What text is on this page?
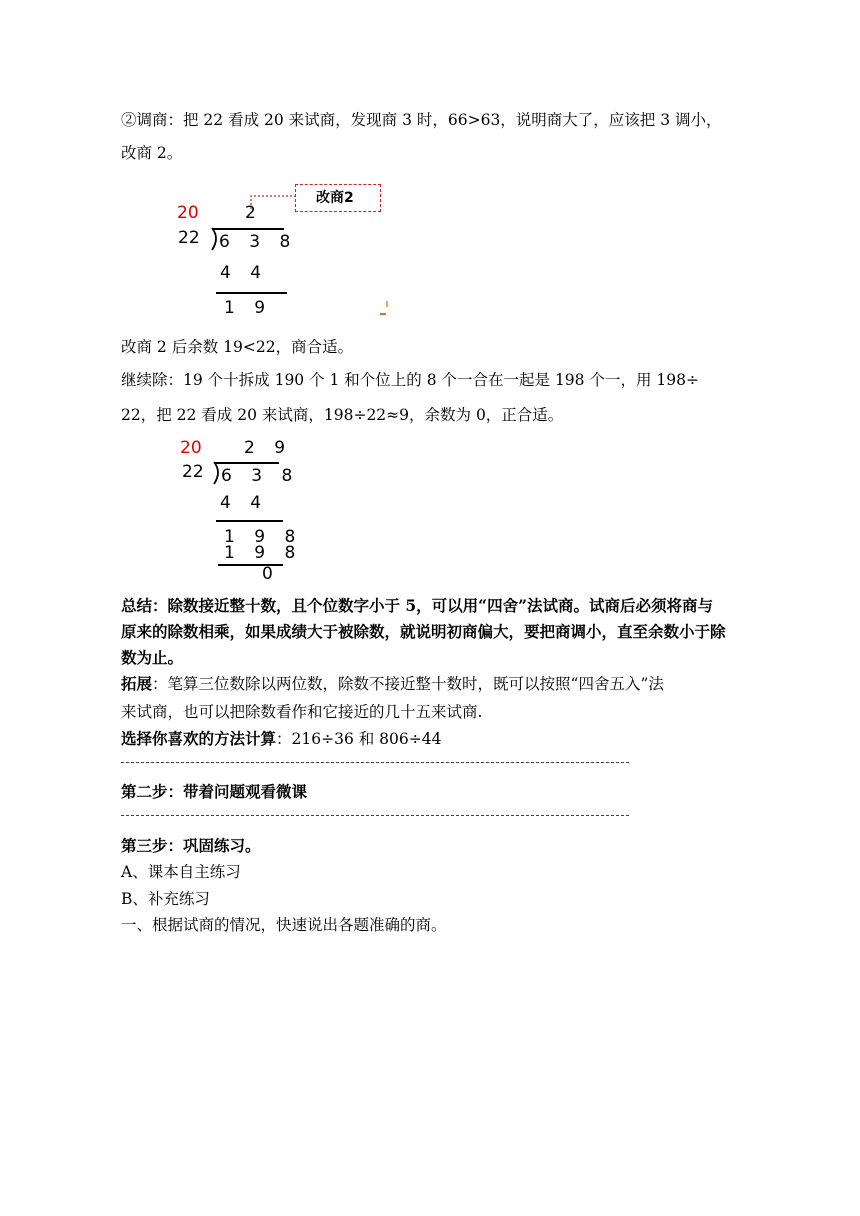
②调商：把 22 看成 20 来试商，发现商 3 时，66>63，说明商大了，应该把 3 调小，
改商 2。
20
22
2
6 3 8
4 4
1 9
改商2
改商 2 后余数 19<22，商合适。
继续除：19 个十拆成 190 个 1 和个位上的 8 个一合在一起是 198 个一，用 198÷
22，把 22 看成 20 来试商，198÷22≈9，余数为 0，正合适。
20
22
2 9
6 3 8
4 4
1 9 8
1 9 8
0
总结：除数接近整十数，且个位数字小于 5，可以用“四舍”法试商。试商后必须将商与
原来的除数相乘，如果成绩大于被除数，就说明初商偏大，要把商调小，直至余数小于除
数为止。
拓展：笔算三位数除以两位数，除数不接近整十数时，既可以按照“四舍五入”法
来试商，也可以把除数看作和它接近的几十五来试商.
选择你喜欢的方法计算：216÷36 和 806÷44
第二步：带着问题观看微课
第三步：巩固练习。
A、课本自主练习
B、补充练习
一、根据试商的情况，快速说出各题准确的商。
